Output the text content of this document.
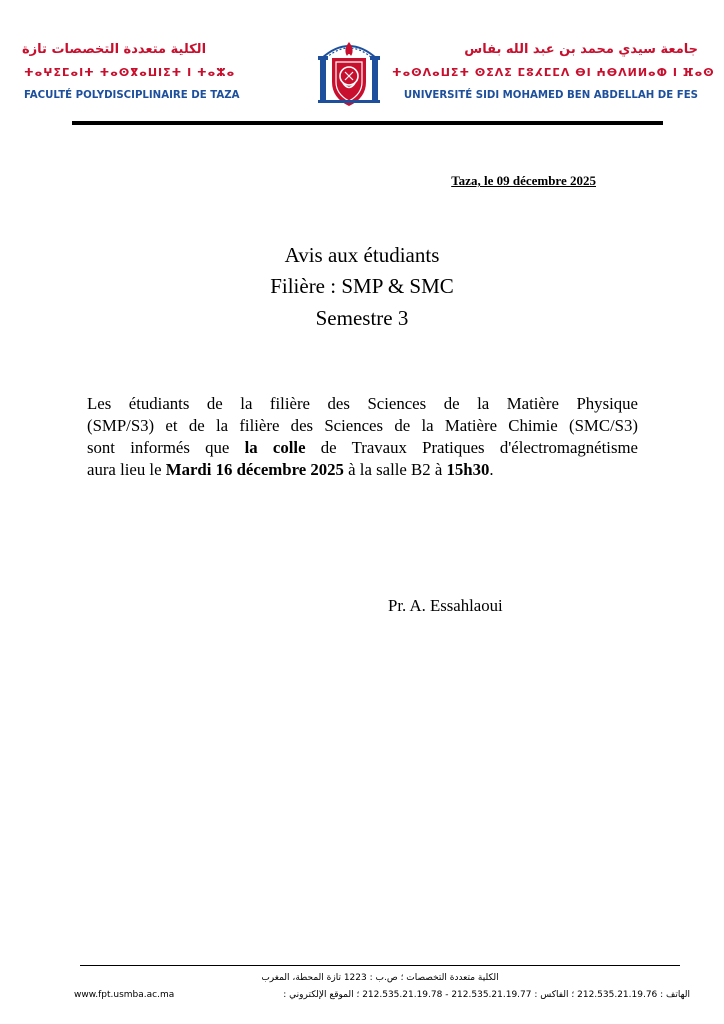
الكلية متعددة التخصصات تازة
ⵜⴰⵖⵉⵎⴰⵏⵜ ⵜⴰⵙⴳⴰⵡⵏⵉⵜ ⵏ ⵜⴰⵣⴰ
FACULTÉ POLYDISCIPLINAIRE DE TAZA
جامعة سيدي محمد بن عبد الله بفاس
ⵜⴰⵙⴷⴰⵡⵉⵜ ⵙⵉⴷⵉ ⵎⵓⵃⵎⵎⴷ ⴱⵏ ⵄⴱⴷⵍⵍⴰⵀ ⵏ ⴼⴰⵙ
UNIVERSITÉ SIDI MOHAMED BEN ABDELLAH DE FES
Taza, le 09 décembre 2025
Avis aux étudiants
Filière : SMP & SMC
Semestre 3
Les étudiants de la filière des Sciences de la Matière Physique
(SMP/S3) et de la filière des Sciences de la Matière Chimie (SMC/S3)
sont informés que la colle de Travaux Pratiques d'électromagnétisme
aura lieu le Mardi 16 décembre 2025 à la salle B2 à 15h30.
Pr. A. Essahlaoui
الكلية متعددة التخصصات ؛ ص.ب : 1223 تازة المحطة، المغرب
www.fpt.usmba.ac.ma	الهاتف : 212.535.21.19.76 ؛ الفاكس : 212.535.21.19.77 - 212.535.21.19.78 ؛ الموقع الإلكتروني :
